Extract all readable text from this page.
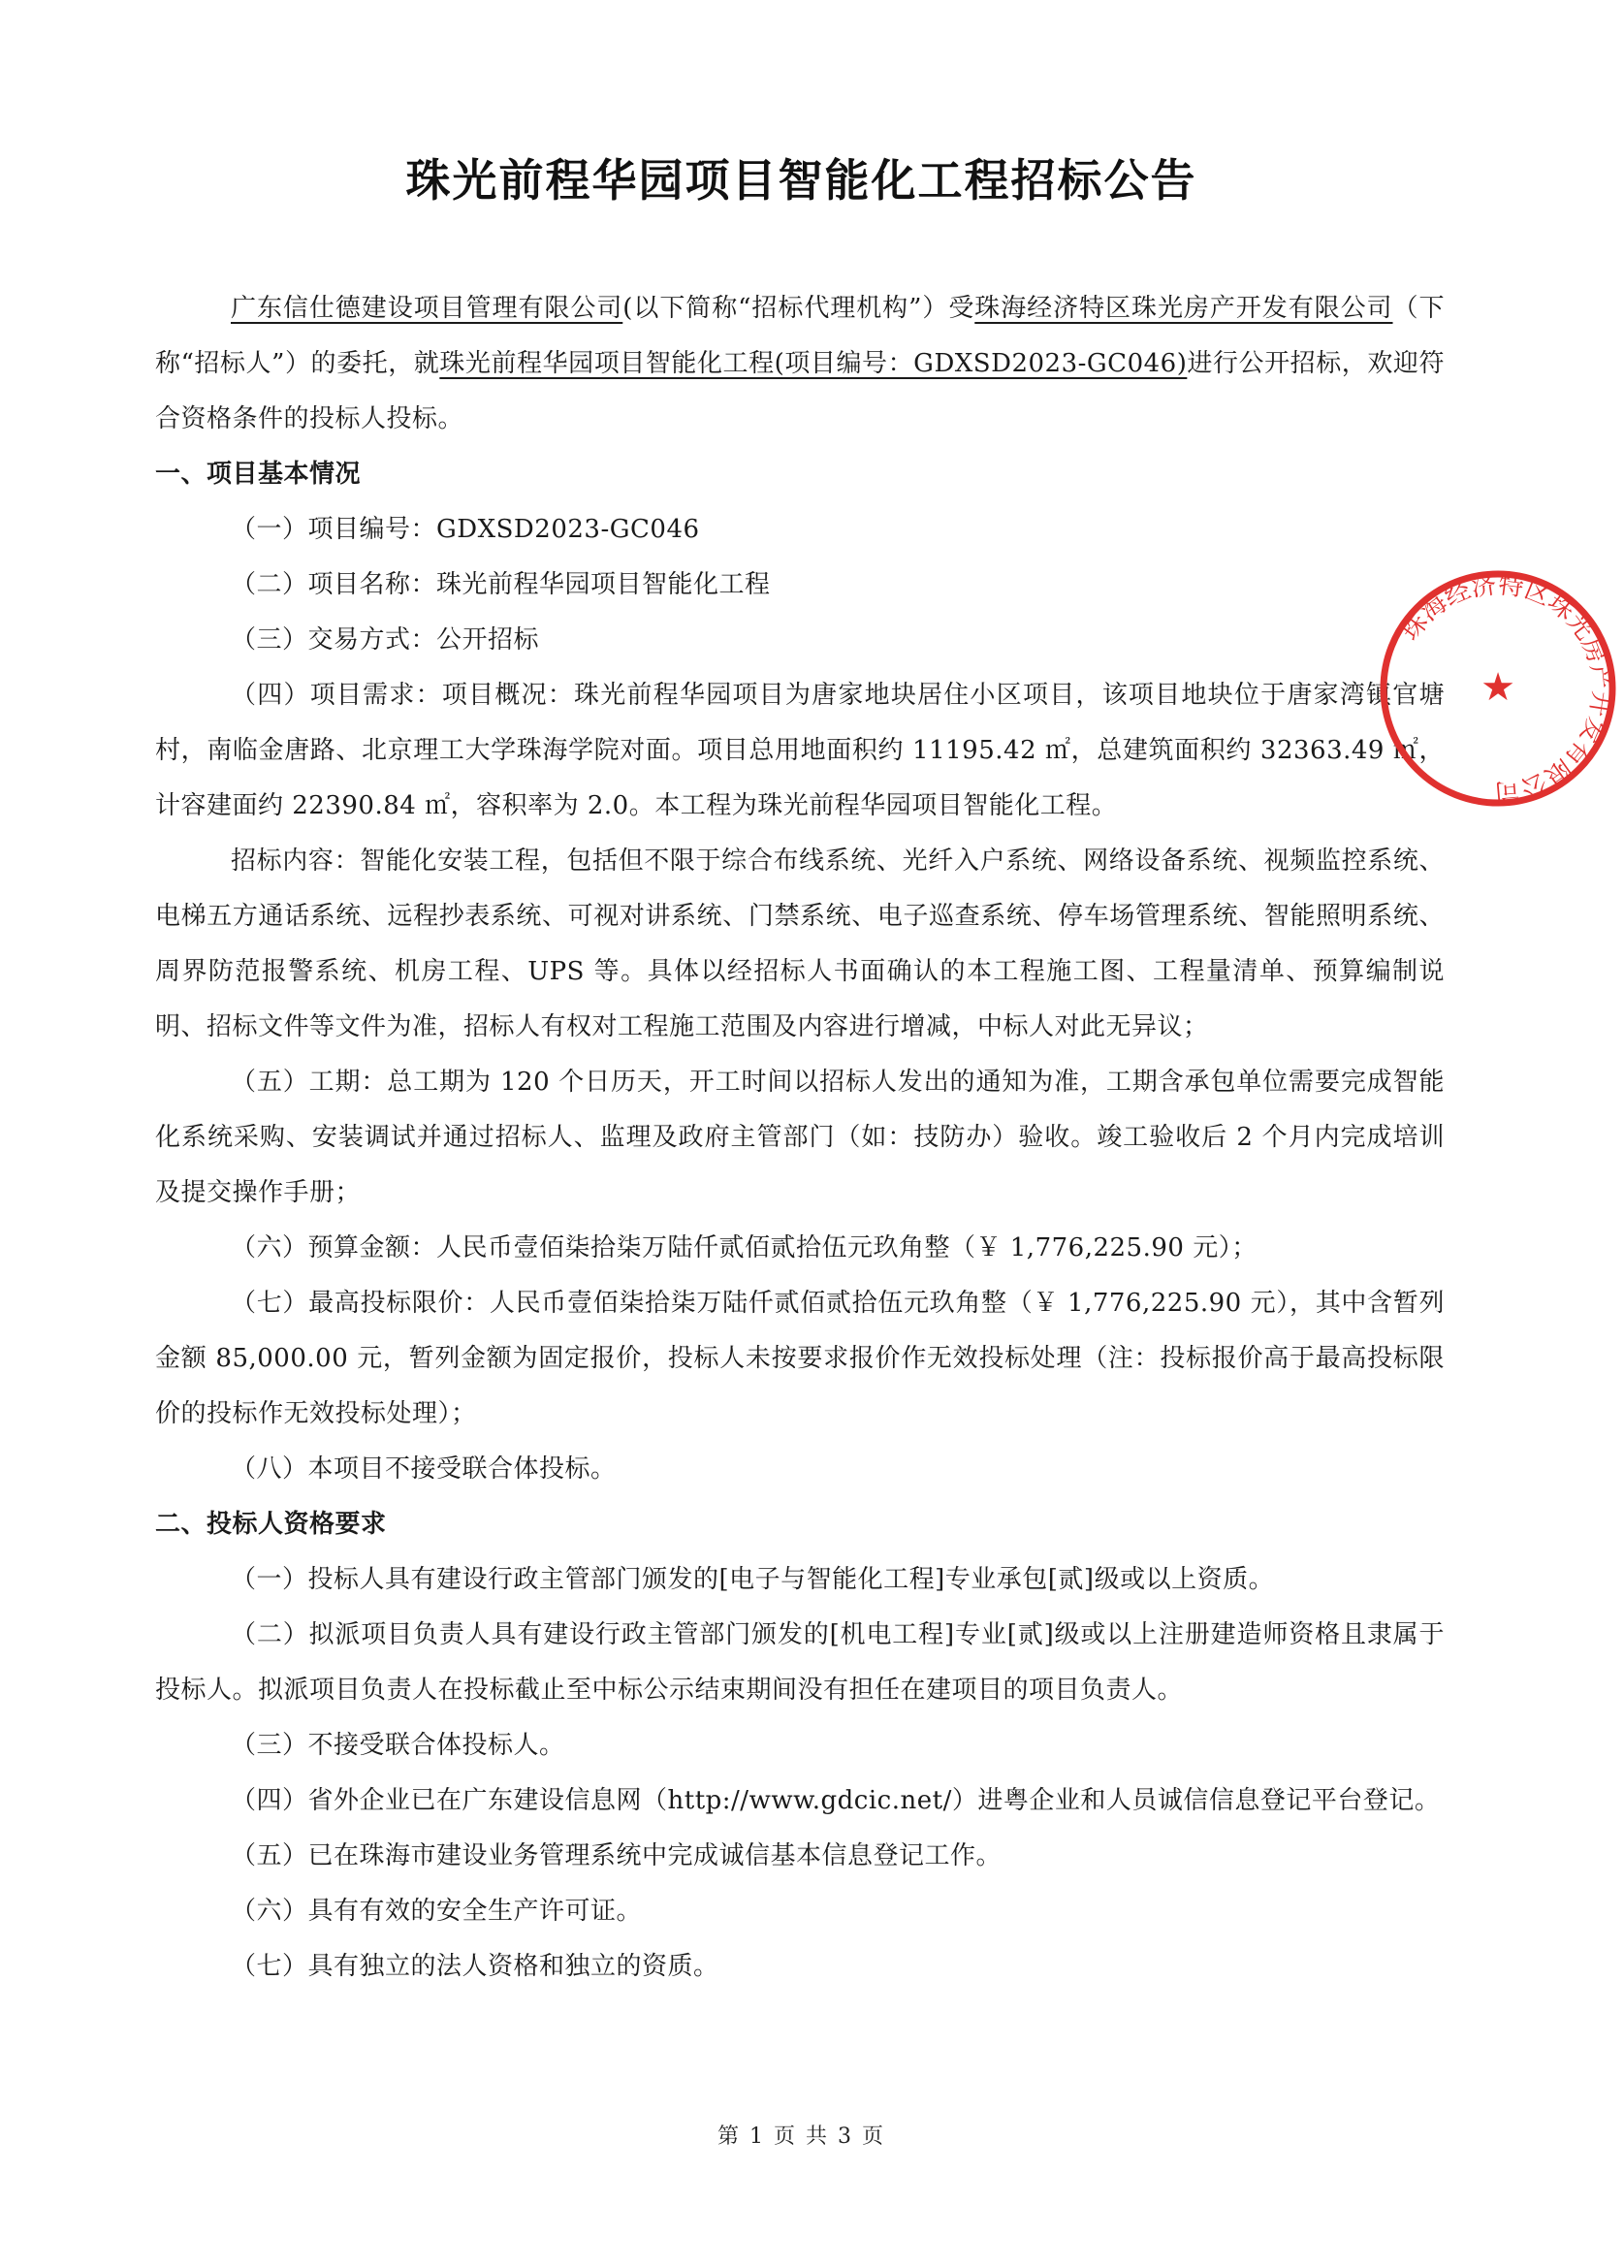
珠光前程华园项目智能化工程招标公告

广东信仕德建设项目管理有限公司(以下简称“招标代理机构”）受珠海经济特区珠光房产开发有限公司（下称“招标人”）的委托，就珠光前程华园项目智能化工程(项目编号：GDXSD2023-GC046)进行公开招标，欢迎符合资格条件的投标人投标。

一、项目基本情况

（一）项目编号：GDXSD2023-GC046

（二）项目名称：珠光前程华园项目智能化工程

（三）交易方式：公开招标

（四）项目需求：项目概况：珠光前程华园项目为唐家地块居住小区项目，该项目地块位于唐家湾镇官塘村，南临金唐路、北京理工大学珠海学院对面。项目总用地面积约 11195.42 ㎡，总建筑面积约 32363.49 ㎡，计容建面约 22390.84 ㎡，容积率为 2.0。本工程为珠光前程华园项目智能化工程。

招标内容：智能化安装工程，包括但不限于综合布线系统、光纤入户系统、网络设备系统、视频监控系统、电梯五方通话系统、远程抄表系统、可视对讲系统、门禁系统、电子巡查系统、停车场管理系统、智能照明系统、周界防范报警系统、机房工程、UPS 等。具体以经招标人书面确认的本工程施工图、工程量清单、预算编制说明、招标文件等文件为准，招标人有权对工程施工范围及内容进行增减，中标人对此无异议；

（五）工期：总工期为 120 个日历天，开工时间以招标人发出的通知为准，工期含承包单位需要完成智能化系统采购、安装调试并通过招标人、监理及政府主管部门（如：技防办）验收。竣工验收后 2 个月内完成培训及提交操作手册；

（六）预算金额：人民币壹佰柒拾柒万陆仟贰佰贰拾伍元玖角整（￥ 1,776,225.90 元）；

（七）最高投标限价：人民币壹佰柒拾柒万陆仟贰佰贰拾伍元玖角整（￥ 1,776,225.90 元），其中含暂列金额 85,000.00 元，暂列金额为固定报价，投标人未按要求报价作无效投标处理（注：投标报价高于最高投标限价的投标作无效投标处理）；

（八）本项目不接受联合体投标。

二、投标人资格要求

（一）投标人具有建设行政主管部门颁发的[电子与智能化工程]专业承包[贰]级或以上资质。

（二）拟派项目负责人具有建设行政主管部门颁发的[机电工程]专业[贰]级或以上注册建造师资格且隶属于投标人。拟派项目负责人在投标截止至中标公示结束期间没有担任在建项目的项目负责人。

（三）不接受联合体投标人。

（四）省外企业已在广东建设信息网（http://www.gdcic.net/）进粤企业和人员诚信信息登记平台登记。

（五）已在珠海市建设业务管理系统中完成诚信基本信息登记工作。

（六）具有有效的安全生产许可证。

（七）具有独立的法人资格和独立的资质。

珠海经济特区珠光房产开发有限公司
★
第 1 页 共 3 页
